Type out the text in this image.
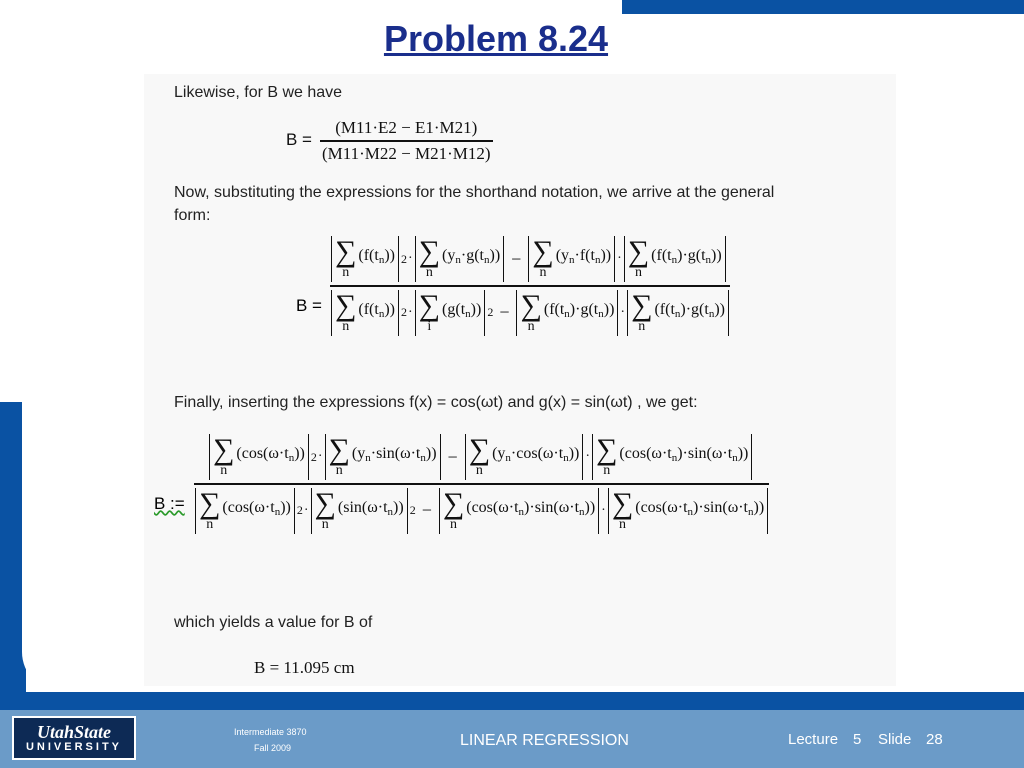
Problem 8.24
Likewise, for B we have
B =
(M11·E2 − E1·M21)
(M11·M22 − M21·M12)
Now, substituting the expressions for the shorthand notation, we arrive at the general
form:
B =
∑
n
$(f(t_n)) 2$ · ∑
n
$(y_n\cdot g(t_n))$ − ∑
n
$(y_n\cdot f(t_n))$ · ∑
n
$(f(t_n)\cdot g(t_n))$
∑
n
$(f(t_n)) 2$ · ∑
i
$(g(t_n)) 2$ − ∑
n
$(f(t_n)\cdot g(t_n))$ · ∑
n
$(f(t_n)\cdot g(t_n))$
Finally, inserting the expressions f(x) = cos(ωt) and g(x) = sin(ωt) , we get:
B :=
∑
n
$(\cos(\omega\cdot t_n)) 2$ · ∑
n
$(y_n\cdot\sin(\omega\cdot t_n))$ − ∑
n
$(y_n\cdot\cos(\omega\cdot t_n))$ · ∑
n
$(\cos(\omega\cdot t_n)\cdot\sin(\omega\cdot t_n))$
∑
n
$(\cos(\omega\cdot t_n)) 2$ · ∑
n
$(\sin(\omega\cdot t_n)) 2$ − ∑
n
$(\cos(\omega\cdot t_n)\cdot\sin(\omega\cdot t_n))$ · ∑
n
$(\cos(\omega\cdot t_n)\cdot\sin(\omega\cdot t_n))$
which yields a value for B of
B = 11.095 cm
UtahState
UNIVERSITY
Intermediate 3870
Fall 2009	LINEAR REGRESSION	Lecture 5 Slide 28
